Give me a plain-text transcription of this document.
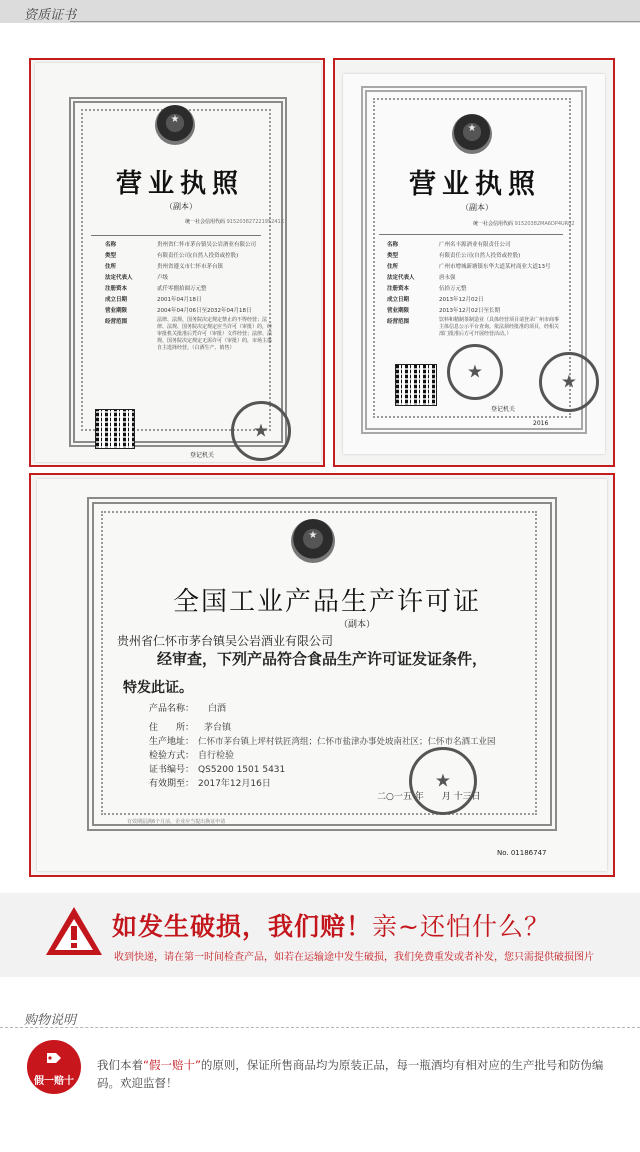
资质证书
★
营业执照
（副本）
统一社会信用代码 91520382722195241X
名称	贵州省仁怀市茅台镇吴公岩酒业有限公司
类型	有限责任公司(自然人投资或控股)
住所	贵州省遵义市仁怀市茅台镇
法定代表人	卢级
注册资本	贰仟零捌拾圆万元整
成立日期	2001年04月18日
营业期限	2004年04月06日至2032年04月18日
经营范围	法律、法规、国务院决定规定禁止的不得经营；法律、法规、国务院决定规定应当许可（审批）的，经审批机关批准后凭许可（审批）文件经营；法律、法规、国务院决定规定无需许可（审批）的，市场主体自主选择经营。（白酒生产、销售）
登记机关
★
★
营业执照
（副本）
统一社会信用代码 91520382MA6DP4UR82
名称	广州名丰源酒业有限责任公司
类型	有限责任公司(自然人投资或控股)
住所	广州市增城新塘镇东华大道某村商业大道13号
法定代表人	唐永强
注册资本	伍拾万元整
成立日期	2013年12月02日
营业期限	2013年12月02日至长期
经营范围	饮料和精制茶制造业（具体经营项目请登录广州市商事主体信息公示平台查询。依法须经批准的项目，经相关部门批准后方可开展经营活动。）
登记机关
2016
★	★
★
全国工业产品生产许可证
（副本）
贵州省仁怀市茅台镇吴公岩酒业有限公司
经审查，下列产品符合食品生产许可证发证条件，
特发此证。
产品名称： 白酒
住　　所： 茅台镇
生产地址： 仁怀市茅台镇上坪村铁匠湾组；仁怀市盐津办事处坡南社区；仁怀市名酒工业园
检验方式： 自行检验
证书编号： QS5200 1501 5431
有效期至： 2017年12月16日
二○一五 年　　月 十三日
★
有效期届满6个月前，企业应当提出换证申请
No. 01186747
如发生破损，我们赔！亲~还怕什么？
收到快递，请在第一时间检查产品，如若在运输途中发生破损，我们免费重发或者补发，您只需提供破损图片
购物说明
假一赔十
我们本着“假一赔十”的原则，保证所售商品均为原装正品，每一瓶酒均有相对应的生产批号和防伪编码。欢迎监督！
